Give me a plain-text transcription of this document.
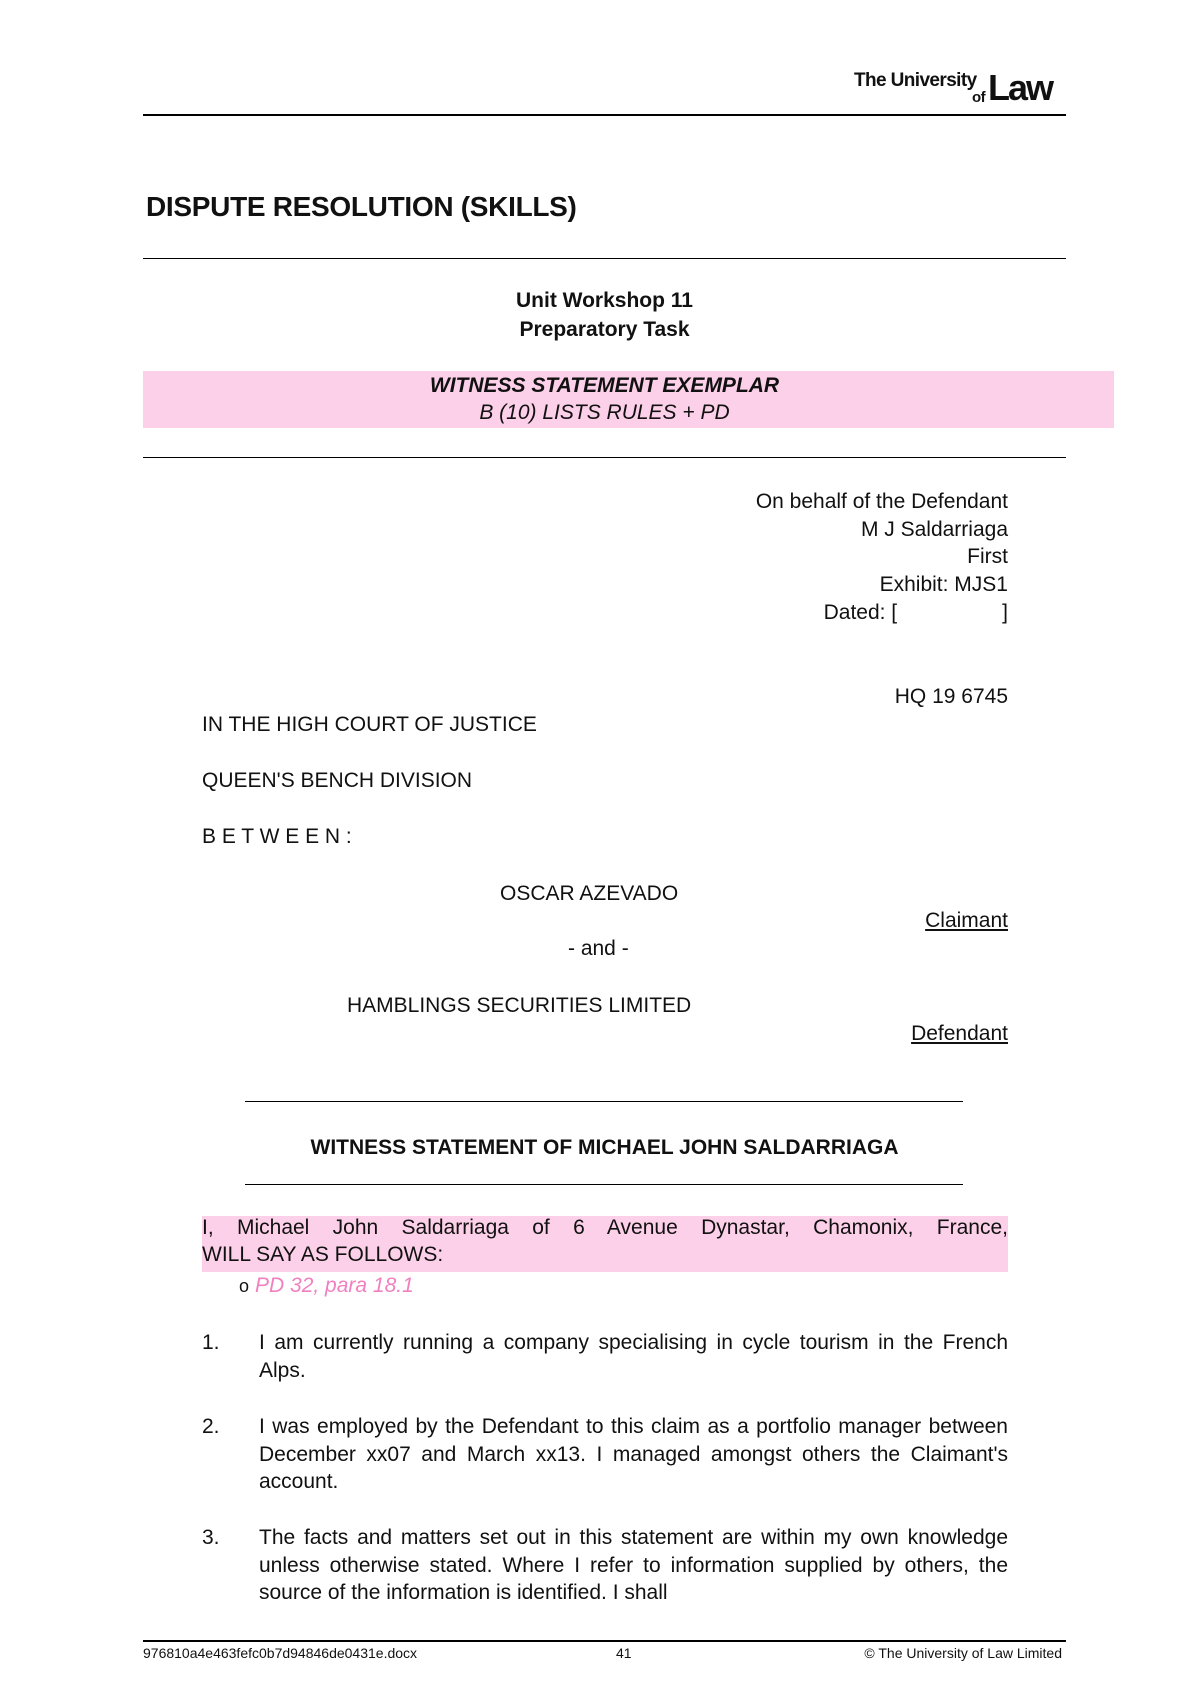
The University
of Law
DISPUTE RESOLUTION (SKILLS)
Unit Workshop 11
Preparatory Task
WITNESS STATEMENT EXEMPLAR
B (10) LISTS RULES + PD
On behalf of the Defendant
M J Saldarriaga
First
Exhibit: MJS1
Dated: [                  ]
HQ 19 6745
IN THE HIGH COURT OF JUSTICE
QUEEN'S BENCH DIVISION
B E T W E E N :
OSCAR AZEVADO
Claimant
- and -
HAMBLINGS SECURITIES LIMITED
Defendant
WITNESS STATEMENT OF MICHAEL JOHN SALDARRIAGA
I, Michael John Saldarriaga of 6 Avenue Dynastar, Chamonix, France,
WILL SAY AS FOLLOWS:
o PD 32, para 18.1
1. I am currently running a company specialising in cycle tourism in the French Alps.
2. I was employed by the Defendant to this claim as a portfolio manager between December xx07 and March xx13. I managed amongst others the Claimant's account.
3. The facts and matters set out in this statement are within my own knowledge unless otherwise stated. Where I refer to information supplied by others, the source of the information is identified. I shall
976810a4e463fefc0b7d94846de0431e.docx	41	© The University of Law Limited
